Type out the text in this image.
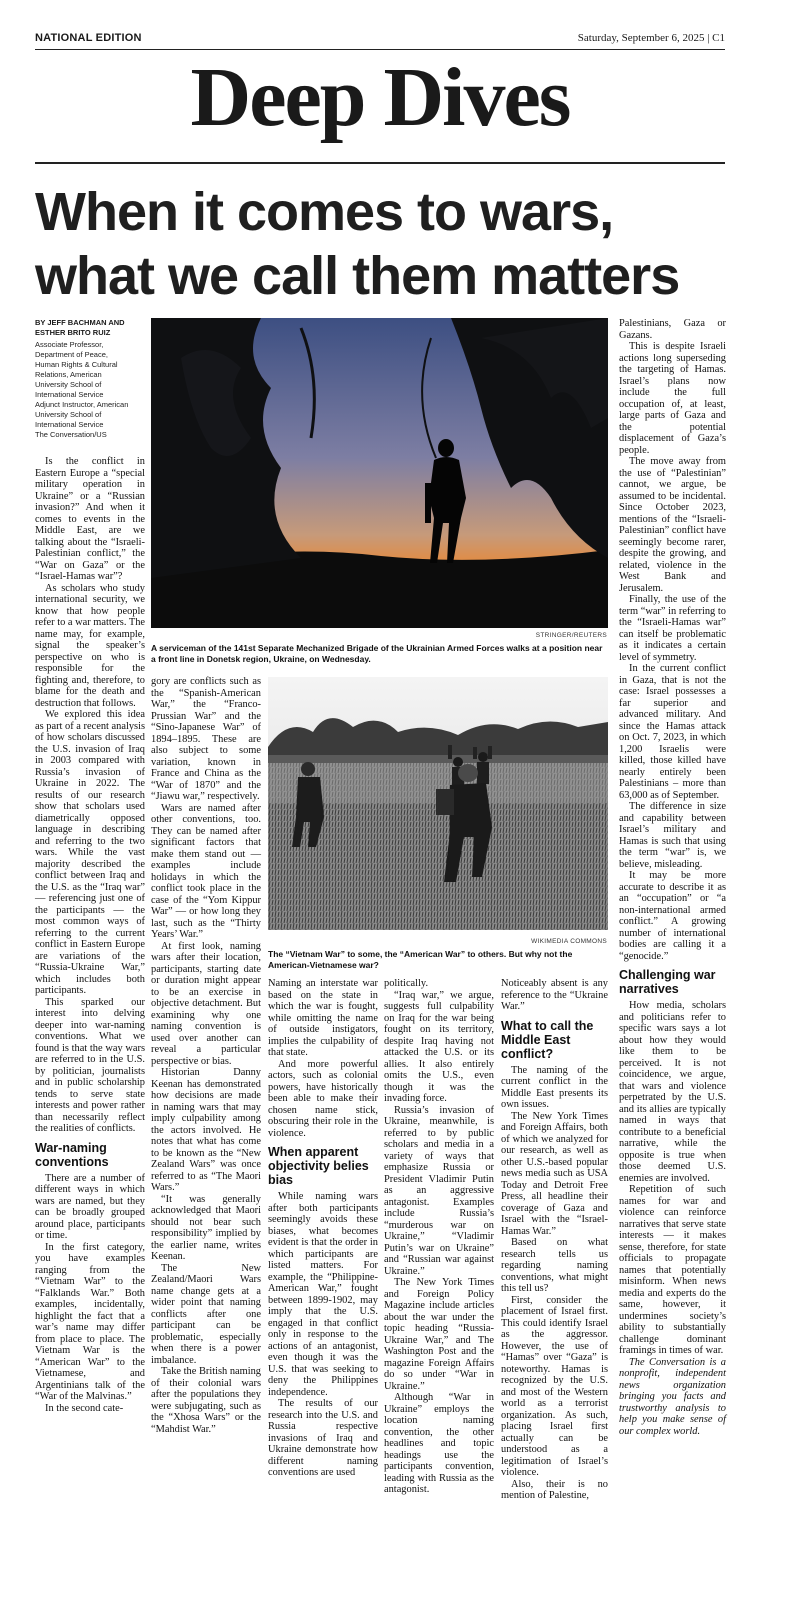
NATIONAL EDITION	Saturday, September 6, 2025 | C1
Deep Dives
When it comes to wars, what we call them matters
BY JEFF BACHMAN AND ESTHER BRITO RUIZ
Associate Professor,
Department of Peace,
Human Rights & Cultural
Relations, American
University School of
International Service
Adjunct Instructor, American
University School of
International Service
The Conversation/US
STRINGER/REUTERS
A serviceman of the 141st Separate Mechanized Brigade of the Ukrainian Armed Forces walks at a position near a front line in Donetsk region, Ukraine, on Wednesday.
WIKIMEDIA COMMONS
The “Vietnam War” to some, the “American War” to others. But why not the American-Vietnamese war?

Is the conflict in Eastern Europe a “special military operation in Ukraine” or a “Russian invasion?” And when it comes to events in the Middle East, are we talking about the “Israeli-Palestinian conflict,” the “War on Gaza” or the “Israel-Hamas war”?

As scholars who study international security, we know that how people refer to a war matters. The name may, for example, signal the speaker’s perspective on who is responsible for the fighting and, therefore, to blame for the death and destruction that follows.

We explored this idea as part of a recent analysis of how scholars discussed the U.S. invasion of Iraq in 2003 compared with Russia’s invasion of Ukraine in 2022. The results of our research show that scholars used diametrically opposed language in describing and referring to the two wars. While the vast majority described the conflict between Iraq and the U.S. as the “Iraq war” — referencing just one of the participants — the most common ways of referring to the current conflict in Eastern Europe are variations of the “Russia-Ukraine War,” which includes both participants.

This sparked our interest into delving deeper into war-naming conventions. What we found is that the way wars are referred to in the U.S. by politician, journalists and in public scholarship tends to serve state interests and power rather than necessarily reflect the realities of conflicts.

War-naming conventions

There are a number of different ways in which wars are named, but they can be broadly grouped around place, participants or time.

In the first category, you have examples ranging from the “Vietnam War” to the “Falklands War.” Both examples, incidentally, highlight the fact that a war’s name may differ from place to place. The Vietnam War is the “American War” to the Vietnamese, and Argentinians talk of the “War of the Malvinas.”

In the second cate-

gory are conflicts such as the “Spanish-American War,” the “Franco-Prussian War” and the “Sino-Japanese War” of 1894–1895. These are also subject to some variation, known in France and China as the “War of 1870” and the “Jiawu war,” respectively.

Wars are named after other conventions, too. They can be named after significant factors that make them stand out — examples include holidays in which the conflict took place in the case of the “Yom Kippur War” — or how long they last, such as the “Thirty Years’ War.”

At first look, naming wars after their location, participants, starting date or duration might appear to be an exercise in objective detachment. But examining why one naming convention is used over another can reveal a particular perspective or bias.

Historian Danny Keenan has demonstrated how decisions are made in naming wars that may imply culpability among the actors involved. He notes that what has come to be known as the “New Zealand Wars” was once referred to as “The Maori Wars.”

“It was generally acknowledged that Maori should not bear such responsibility” implied by the earlier name, writes Keenan.

The New Zealand/Maori Wars name change gets at a wider point that naming conflicts after one participant can be problematic, especially when there is a power imbalance.

Take the British naming of their colonial wars after the populations they were subjugating, such as the “Xhosa Wars” or the “Mahdist War.”

Naming an interstate war based on the state in which the war is fought, while omitting the name of outside instigators, implies the culpability of that state.

And more powerful actors, such as colonial powers, have historically been able to make their chosen name stick, obscuring their role in the violence.

When apparent objectivity belies bias

While naming wars after both participants seemingly avoids these biases, what becomes evident is that the order in which participants are listed matters. For example, the “Philippine-American War,” fought between 1899-1902, may imply that the U.S. engaged in that conflict only in response to the actions of an antagonist, even though it was the U.S. that was seeking to deny the Philippines independence.

The results of our research into the U.S. and Russia respective invasions of Iraq and Ukraine demonstrate how different naming conventions are used

politically.

“Iraq war,” we argue, suggests full culpability on Iraq for the war being fought on its territory, despite Iraq having not attacked the U.S. or its allies. It also entirely omits the U.S., even though it was the invading force.

Russia’s invasion of Ukraine, meanwhile, is referred to by public scholars and media in a variety of ways that emphasize Russia or President Vladimir Putin as an aggressive antagonist. Examples include Russia’s “murderous war on Ukraine,” “Vladimir Putin’s war on Ukraine” and “Russian war against Ukraine.”

The New York Times and Foreign Policy Magazine include articles about the war under the topic heading “Russia-Ukraine War,” and The Washington Post and the magazine Foreign Affairs do so under “War in Ukraine.”

Although “War in Ukraine” employs the location naming convention, the other headlines and topic headings use the participants convention, leading with Russia as the antagonist.

Noticeably absent is any reference to the “Ukraine War.”

What to call the Middle East conflict?

The naming of the current conflict in the Middle East presents its own issues.

The New York Times and Foreign Affairs, both of which we analyzed for our research, as well as other U.S.-based popular news media such as USA Today and Detroit Free Press, all headline their coverage of Gaza and Israel with the “Israel-Hamas War.”

Based on what research tells us regarding naming conventions, what might this tell us?

First, consider the placement of Israel first. This could identify Israel as the aggressor. However, the use of “Hamas” over “Gaza” is noteworthy. Hamas is recognized by the U.S. and most of the Western world as a terrorist organization. As such, placing Israel first actually can be understood as a legitimation of Israel’s violence.

Also, their is no mention of Palestine,

Palestinians, Gaza or Gazans.

This is despite Israeli actions long superseding the targeting of Hamas. Israel’s plans now include the full occupation of, at least, large parts of Gaza and the potential displacement of Gaza’s people.

The move away from the use of “Palestinian” cannot, we argue, be assumed to be incidental. Since October 2023, mentions of the “Israeli-Palestinian” conflict have seemingly become rarer, despite the growing, and related, violence in the West Bank and Jerusalem.

Finally, the use of the term “war” in referring to the “Israeli-Hamas war” can itself be problematic as it indicates a certain level of symmetry.

In the current conflict in Gaza, that is not the case: Israel possesses a far superior and advanced military. And since the Hamas attack on Oct. 7, 2023, in which 1,200 Israelis were killed, those killed have nearly entirely been Palestinians – more than 63,000 as of September.

The difference in size and capability between Israel’s military and Hamas is such that using the term “war” is, we believe, misleading.

It may be more accurate to describe it as an “occupation” or “a non-international armed conflict.” A growing number of international bodies are calling it a “genocide.”

Challenging war narratives

How media, scholars and politicians refer to specific wars says a lot about how they would like them to be perceived. It is not coincidence, we argue, that wars and violence perpetrated by the U.S. and its allies are typically named in ways that contribute to a beneficial narrative, while the opposite is true when those deemed U.S. enemies are involved.

Repetition of such names for war and violence can reinforce narratives that serve state interests — it makes sense, therefore, for state officials to propagate names that potentially misinform. When news media and experts do the same, however, it undermines society’s ability to substantially challenge dominant framings in times of war.

The Conversation is a nonprofit, independent news organization bringing you facts and trustworthy analysis to help you make sense of our complex world.
